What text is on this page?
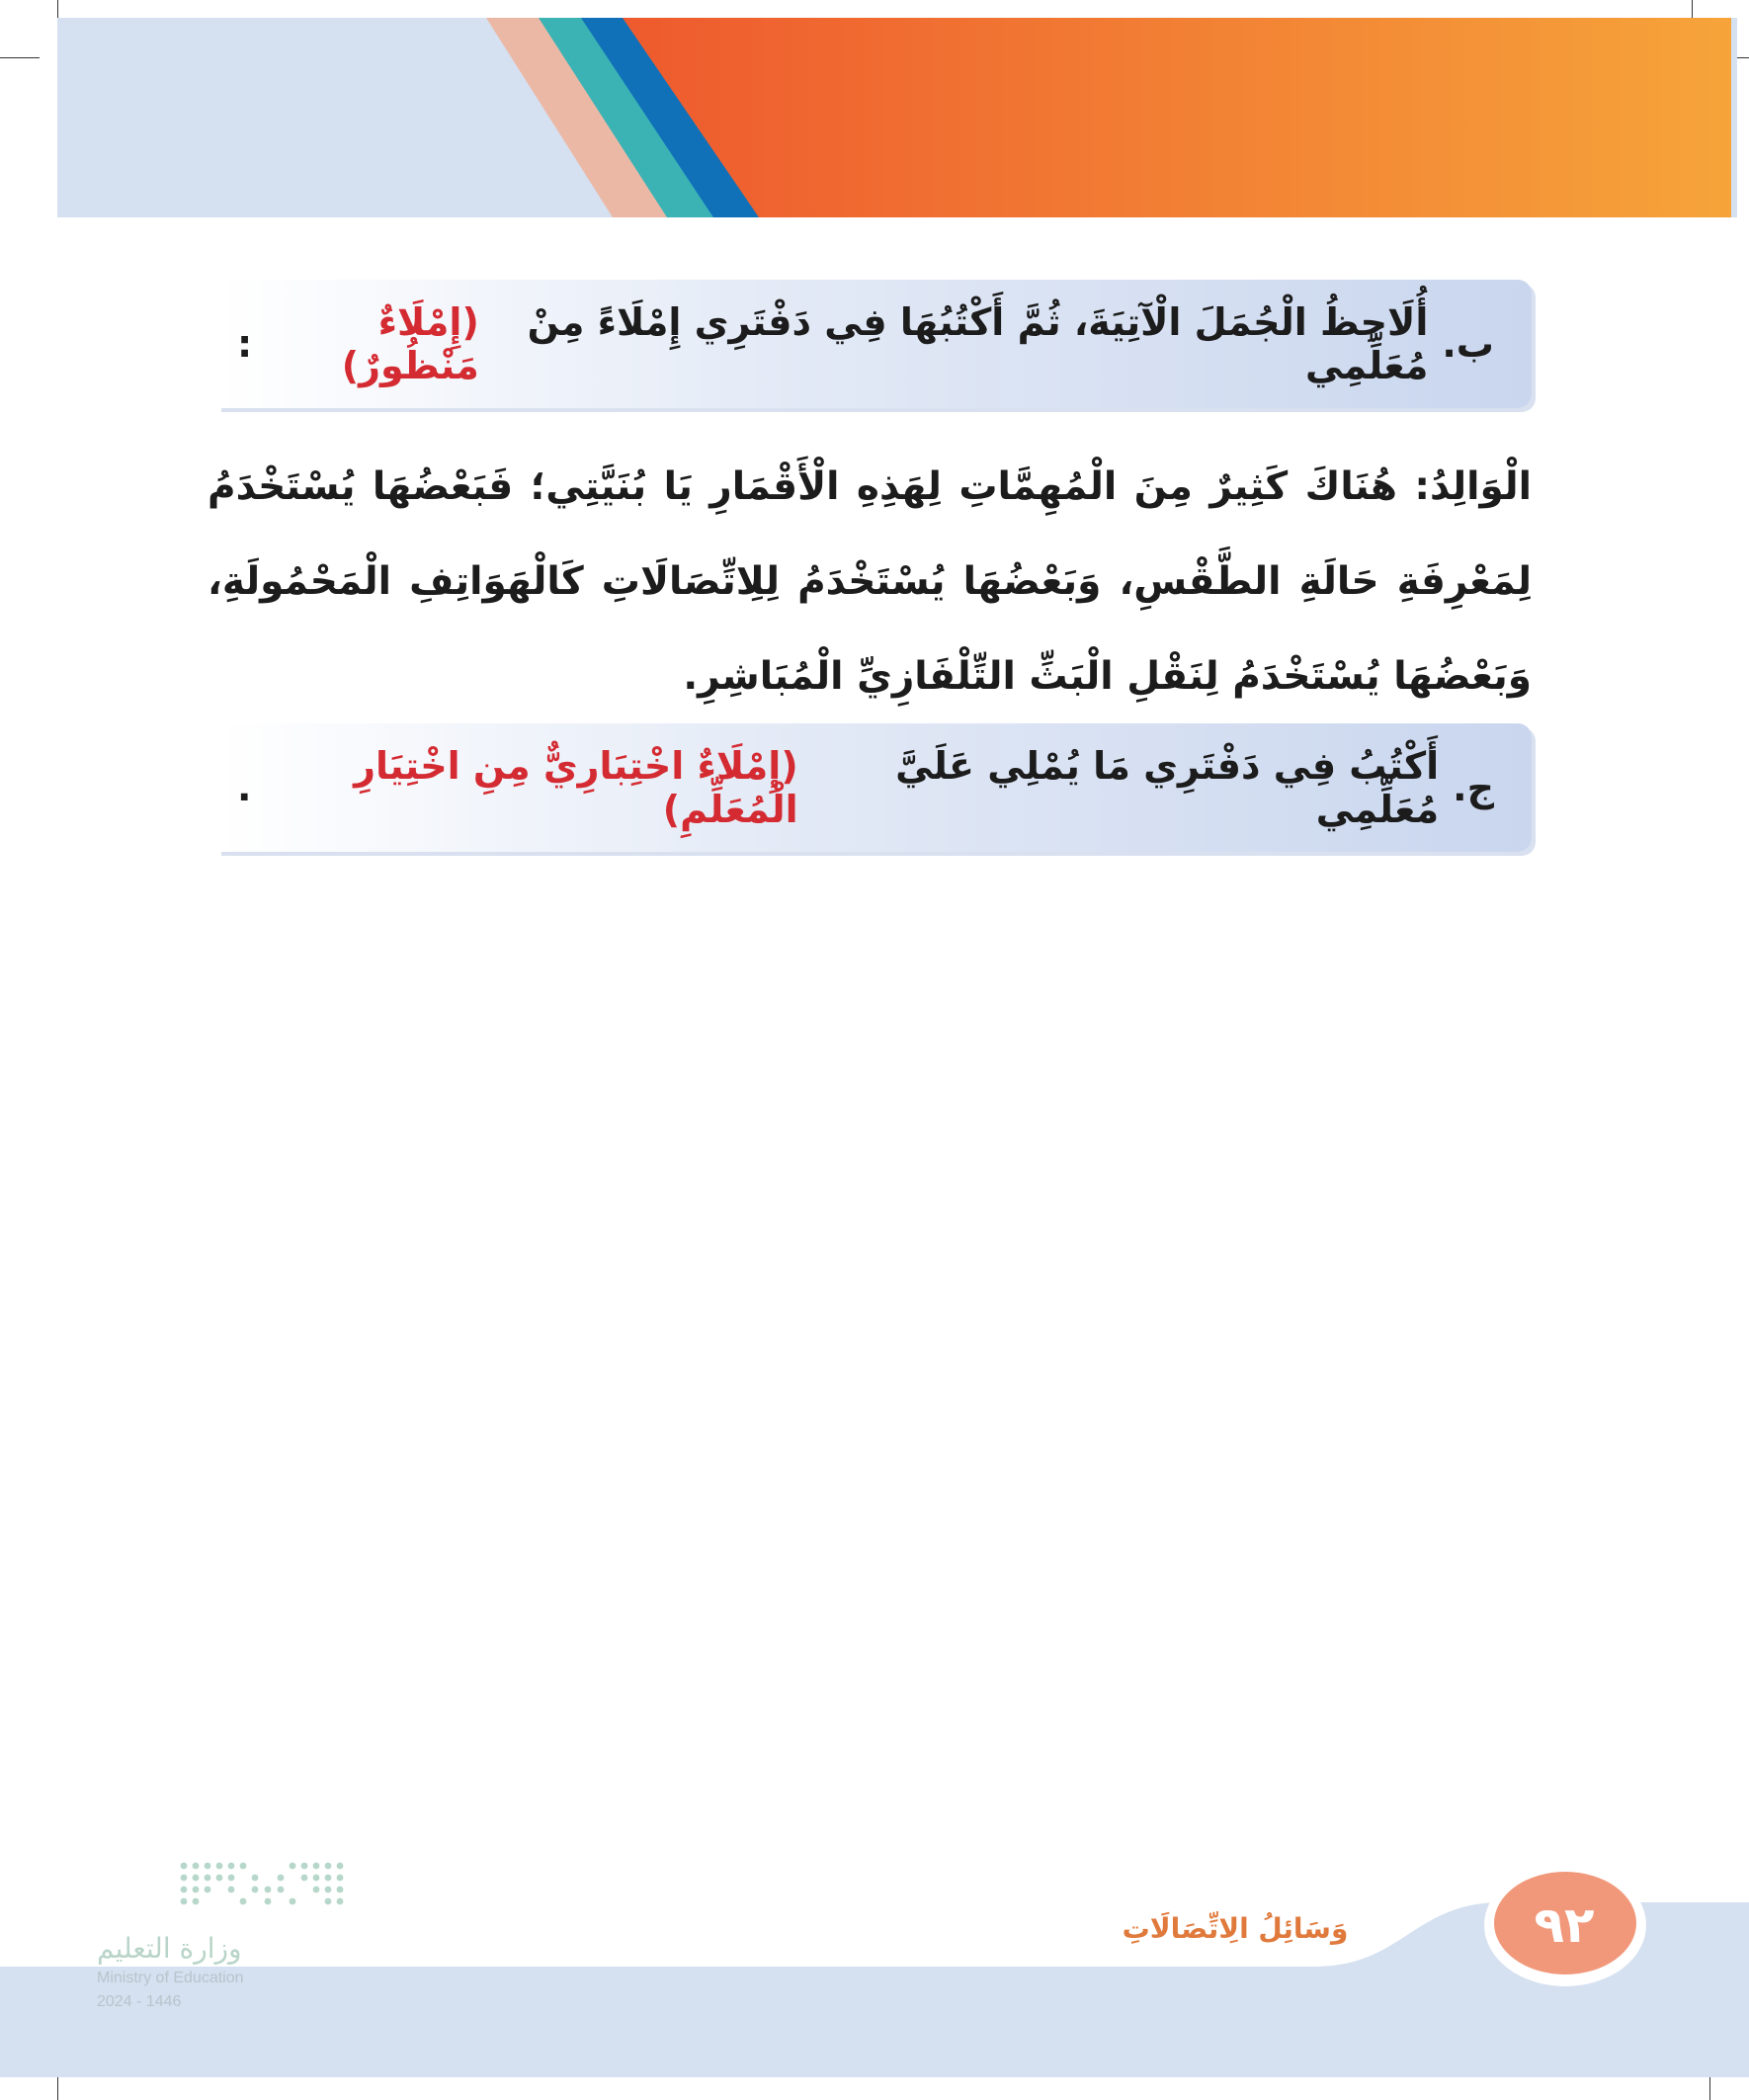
ب.
أُلَاحِظُ الْجُمَلَ الْآتِيَةَ، ثُمَّ أَكْتُبُهَا فِي دَفْتَرِي إِمْلَاءً مِنْ مُعَلِّمِي
(إِمْلَاءٌ مَنْظُورٌ)
:
الْوَالِدُ: هُنَاكَ كَثِيرٌ مِنَ الْمُهِمَّاتِ لِهَذِهِ الْأَقْمَارِ يَا بُنَيَّتِي؛ فَبَعْضُهَا يُسْتَخْدَمُ لِمَعْرِفَةِ حَالَةِ الطَّقْسِ، وَبَعْضُهَا يُسْتَخْدَمُ لِلِاتِّصَالَاتِ كَالْهَوَاتِفِ الْمَحْمُولَةِ، وَبَعْضُهَا يُسْتَخْدَمُ لِنَقْلِ الْبَثِّ التِّلْفَازِيِّ الْمُبَاشِرِ.
ج.
أَكْتُبُ فِي دَفْتَرِي مَا يُمْلِي عَلَيَّ مُعَلِّمِي
(إِمْلَاءٌ اخْتِبَارِيٌّ مِنِ اخْتِيَارِ الْمُعَلِّمِ)
.
٩٢
وَسَائِلُ الِاتِّصَالَاتِ
وزارة التعليم
Ministry of Education
2024 - 1446
